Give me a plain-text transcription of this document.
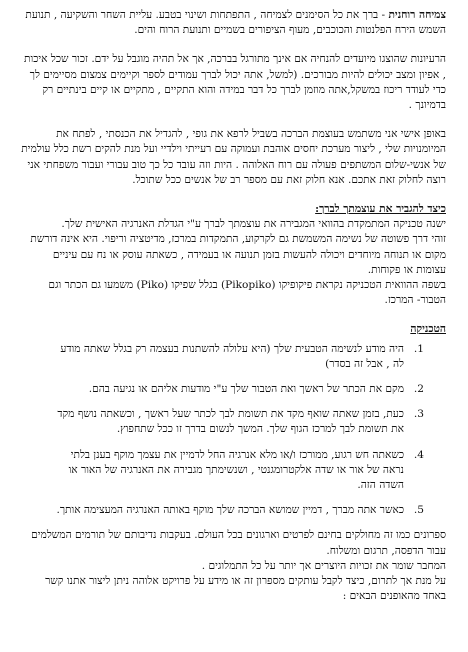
צמיחה רוחנית - ברך את כל הסימנים לצמיחה , התפתחות ושינוי בטבע. עליית השחר והשקיעה , תנועת השמש הירח הפלנטות והכוכבים, מעוף הציפורים בשמיים ותנועת הרוח והים.

הרעיונות שהוצגו מיועדים להנחיה אם אינך מתורגל בברכה, אך אל תהיה מוגבל על ידם. זכור שכל איכות , אפיון ומצב יכולים להיות מבורכים. (למשל, אתה יכול לברך עמודים לספר וקיימים צמצום מסיימים לך כדי לעודד ריכוז במשקל,אתה מוזמן לברך כל דבר במידה והוא התקיים , מתקיים או קיים בינתיים רק בדמיונך .

באופן אישי אני משתמש בעוצמת הברכה בשביל לרפא את גופי , להגדיל את הכנסתי , לפתח את המיומנויות שלי , ליצור מערכת יחסים אוהבת ועמוקה עם רעייתי וילדיי ועל מנת להקים רשת כלל עולמית של אנשי-שלום המשתפים פעולה עם רוח האלוהה . היות וזה עובד כל כך טוב עבורי ועבור משפחתי אני רוצה לחלוק זאת אתכם. אנא חלוק זאת עם מספר רב של אנשים ככל שתוכל.

כיצד להגביר את עוצמתך לברך:

ישנה טכניקה המתמקדת בהוואי המגבירה את עוצמתך לברך ע"י הגדלת האנרגיה האישית שלך.

זוהי דרך פשוטה של נשימה המשמשת גם לקרקוע, התמקדות במרכז, מדיטציה וריפוי. היא אינה דורשת מקום או תנוחה מיוחדים ויכולה להעשות בזמן תנועה או בעמידה , כשאתה עוסק או נח עם עיניים עצומות או פקוחות.

בשפה ההוואית הטכניקה נקראת פיקופיקו (Pikopiko) בגלל שפיקו (Piko) משמעו גם הכתר וגם הטבור- המרכז.

הטכניקה

1.
היה מודע לנשימה הטבעית שלך (היא עלולה להשתנות בעצמה רק בגלל שאתה מודע לה , אבל זה בסדר)
2.
מקם את הכתר של ראשך ואת הטבור שלך ע"י מודעות אליהם או נגיעה בהם.
3.
כעת, בזמן שאתה שואף מקד את תשומת לבך לכתר שעל ראשך , וכשאתה נושף מקד את תשומת לבך למרכז הגוף שלך. המשך לנשום בדרך זו ככל שתחפוץ.
4.
כשאתה חש רגוע, ממורכז ו/או מלא אנרגיה החל לדמיין את עצמך מוקף בענן בלתי נראה של אור או שדה אלקטרומגנטי , ושנשימתך מגבירה את האנרגיה של האור או השדה הזה.
5.
כאשר אתה מברך , דמיין שמושא הברכה שלך מוקף באותה האנרגיה המעצימה אותך.

ספרונים כמו זה מחולקים בחינם לפרטים וארגונים בכל העולם. בעקבות נדיבותם של תורמים המשלמים עבור הדפסה, תרגום ומשלוח.

המחבר שומר את זכויות היוצרים אך יותר על כל התמלוגים .

על מנת אך לתרום, כיצד לקבל עותקים מספרון זה או מידע על פרויקט אלוהה ניתן ליצור אתנו קשר באחד מהאופנים הבאים :
